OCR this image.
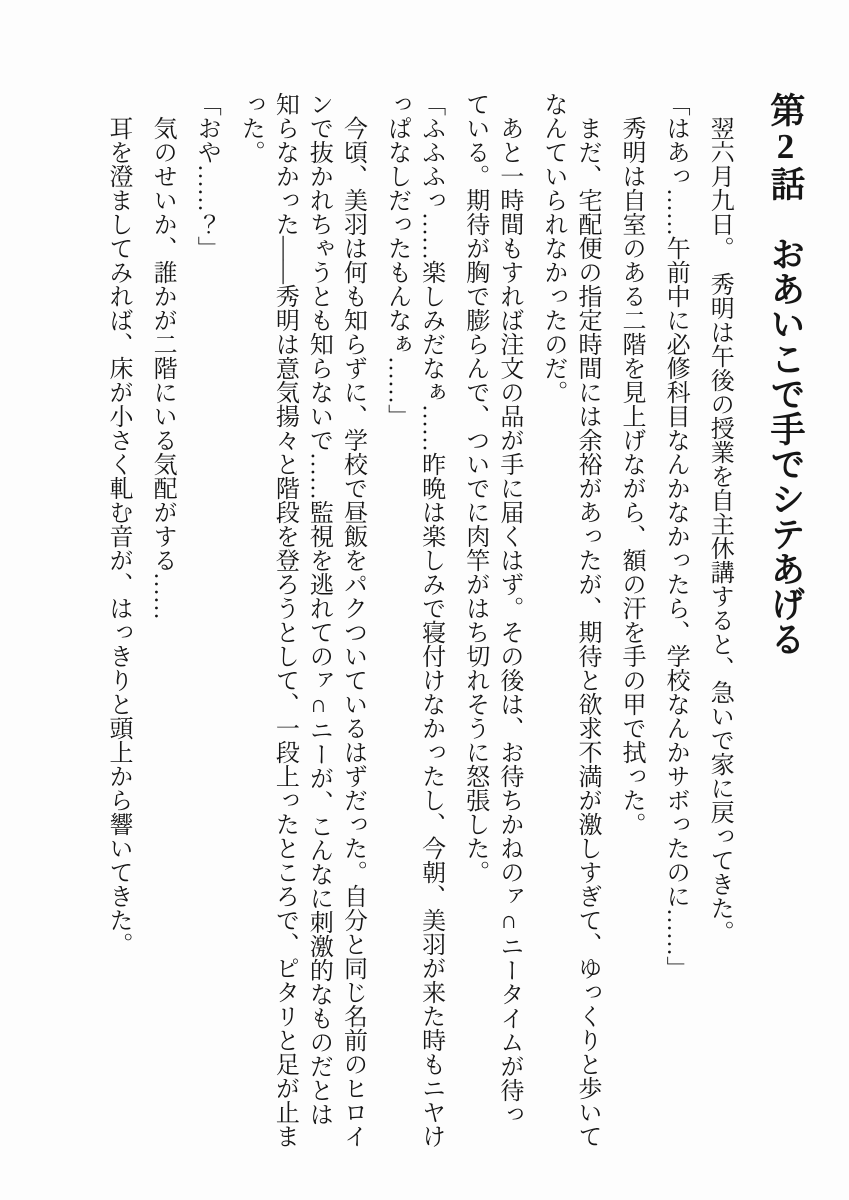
第2話　おあいこで手でシテあげる

翌六月九日。　秀明は午後の授業を自主休講すると、急いで家に戻ってきた。

「はあっ……午前中に必修科目なんかなかったら、学校なんかサボったのに……」

秀明は自室のある二階を見上げながら、額の汗を手の甲で拭った。

まだ、宅配便の指定時間には余裕があったが、期待と欲求不満が激しすぎて、ゆっくりと歩いてなんていられなかったのだ。

あと一時間もすれば注文の品が手に届くはず。その後は、お待ちかねのァ∩ニータイムが待っている。期待が胸で膨らんで、ついでに肉竿がはち切れそうに怒張した。

「ふふふっ……楽しみだなぁ……昨晩は楽しみで寝付けなかったし、今朝、美羽が来た時もニヤけっぱなしだったもんなぁ……」

今頃、美羽は何も知らずに、学校で昼飯をパクついているはずだった。自分と同じ名前のヒロインで抜かれちゃうとも知らないで……監視を逃れてのァ∩ニーが、こんなに刺激的なものだとは知らなかった――秀明は意気揚々と階段を登ろうとして、一段上ったところで、ピタリと足が止まった。

「おや……？」

気のせいか、誰かが二階にいる気配がする……

耳を澄ましてみれば、床が小さく軋む音が、はっきりと頭上から響いてきた。
